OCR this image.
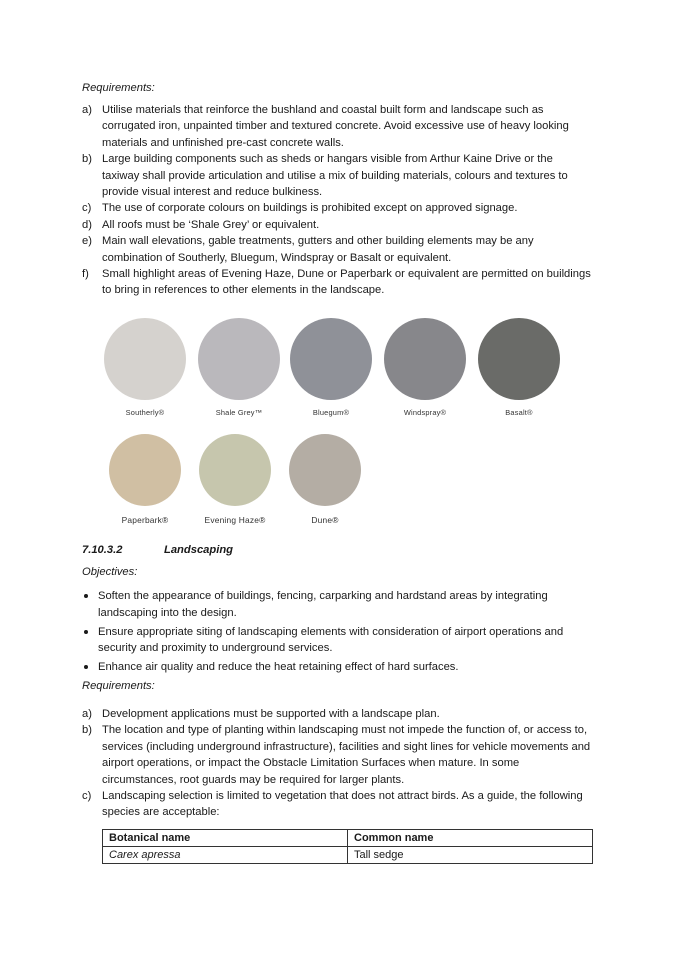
Requirements:
a) Utilise materials that reinforce the bushland and coastal built form and landscape such as corrugated iron, unpainted timber and textured concrete. Avoid excessive use of heavy looking materials and unfinished pre-cast concrete walls.
b) Large building components such as sheds or hangars visible from Arthur Kaine Drive or the taxiway shall provide articulation and utilise a mix of building materials, colours and textures to provide visual interest and reduce bulkiness.
c) The use of corporate colours on buildings is prohibited except on approved signage.
d) All roofs must be ‘Shale Grey’ or equivalent.
e) Main wall elevations, gable treatments, gutters and other building elements may be any combination of Southerly, Bluegum, Windspray or Basalt or equivalent.
f) Small highlight areas of Evening Haze, Dune or Paperbark or equivalent are permitted on buildings to bring in references to other elements in the landscape.
Southerly®	Shale Grey™	Bluegum®	Windspray®	Basalt®
Paperbark®	Evening Haze®	Dune®
7.10.3.2	Landscaping
Objectives:
Soften the appearance of buildings, fencing, carparking and hardstand areas by integrating landscaping into the design.
Ensure appropriate siting of landscaping elements with consideration of airport operations and security and proximity to underground services.
Enhance air quality and reduce the heat retaining effect of hard surfaces.
Requirements:
a) Development applications must be supported with a landscape plan.
b) The location and type of planting within landscaping must not impede the function of, or access to, services (including underground infrastructure), facilities and sight lines for vehicle movements and airport operations, or impact the Obstacle Limitation Surfaces when mature. In some circumstances, root guards may be required for larger plants.
c) Landscaping selection is limited to vegetation that does not attract birds. As a guide, the following species are acceptable:
Botanical name	Common name
Carex apressa	Tall sedge
